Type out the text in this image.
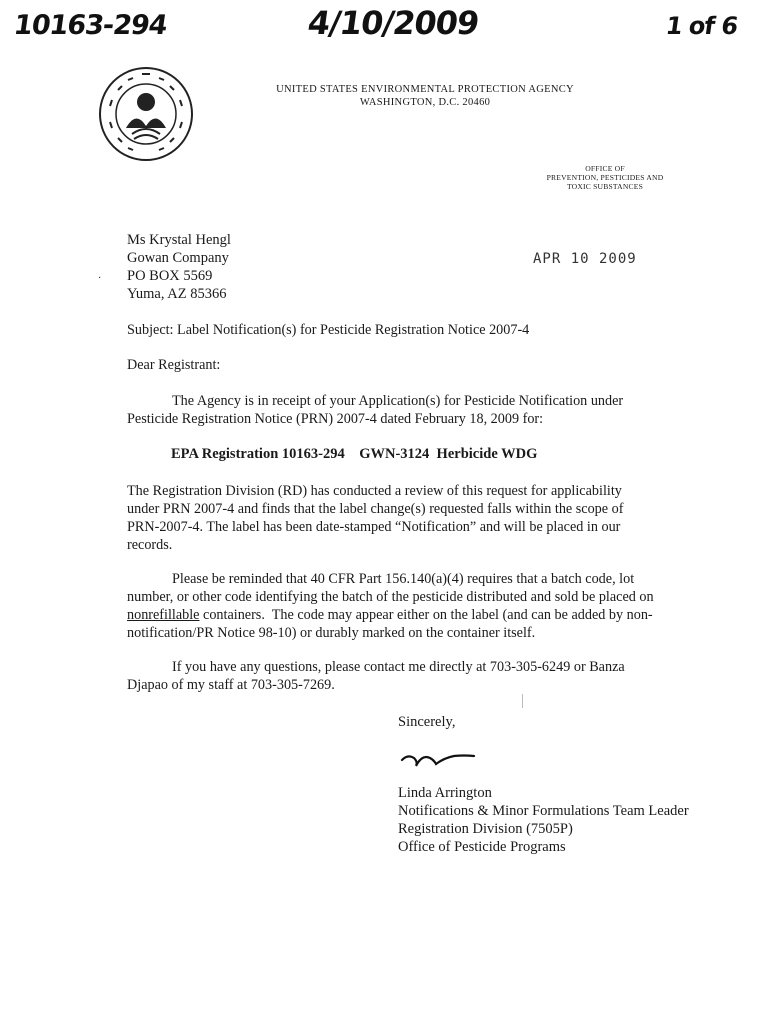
10163-294	4/10/2009	1 of 6
UNITED STATES ENVIRONMENTAL PROTECTION AGENCY
WASHINGTON, D.C. 20460
OFFICE OF
PREVENTION, PESTICIDES AND
TOXIC SUBSTANCES
Ms Krystal Hengl
Gowan Company
PO BOX 5569
Yuma, AZ 85366
·
APR 10 2009
Subject: Label Notification(s) for Pesticide Registration Notice 2007-4
Dear Registrant:
The Agency is in receipt of your Application(s) for Pesticide Notification under
Pesticide Registration Notice (PRN) 2007-4 dated February 18, 2009 for:
EPA Registration 10163-294    GWN-3124  Herbicide WDG
The Registration Division (RD) has conducted a review of this request for applicability
under PRN 2007-4 and finds that the label change(s) requested falls within the scope of
PRN-2007-4. The label has been date-stamped “Notification” and will be placed in our
records.
Please be reminded that 40 CFR Part 156.140(a)(4) requires that a batch code, lot
number, or other code identifying the batch of the pesticide distributed and sold be placed on
nonrefillable containers.  The code may appear either on the label (and can be added by non-
notification/PR Notice 98-10) or durably marked on the container itself.
If you have any questions, please contact me directly at 703-305-6249 or Banza
Djapao of my staff at 703-305-7269.
Sincerely,
Linda Arrington
Notifications & Minor Formulations Team Leader
Registration Division (7505P)
Office of Pesticide Programs
